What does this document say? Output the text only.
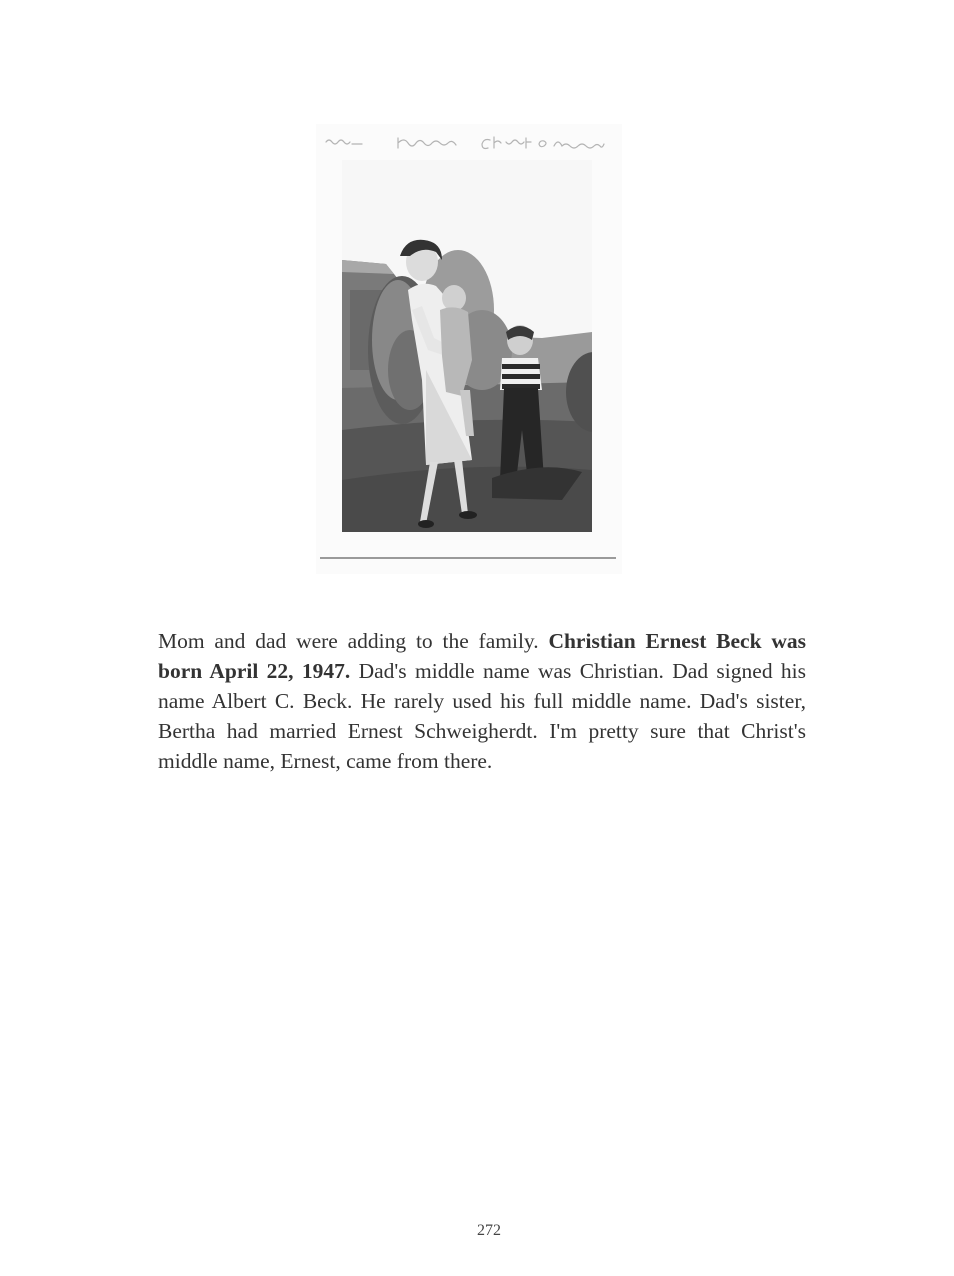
Mom and dad were adding to the family. Christian Ernest Beck was born April 22, 1947. Dad's middle name was Christian. Dad signed his name Albert C. Beck. He rarely used his full middle name. Dad's sister, Bertha had married Ernest Schweigherdt. I'm pretty sure that Christ's middle name, Ernest, came from there.

272
